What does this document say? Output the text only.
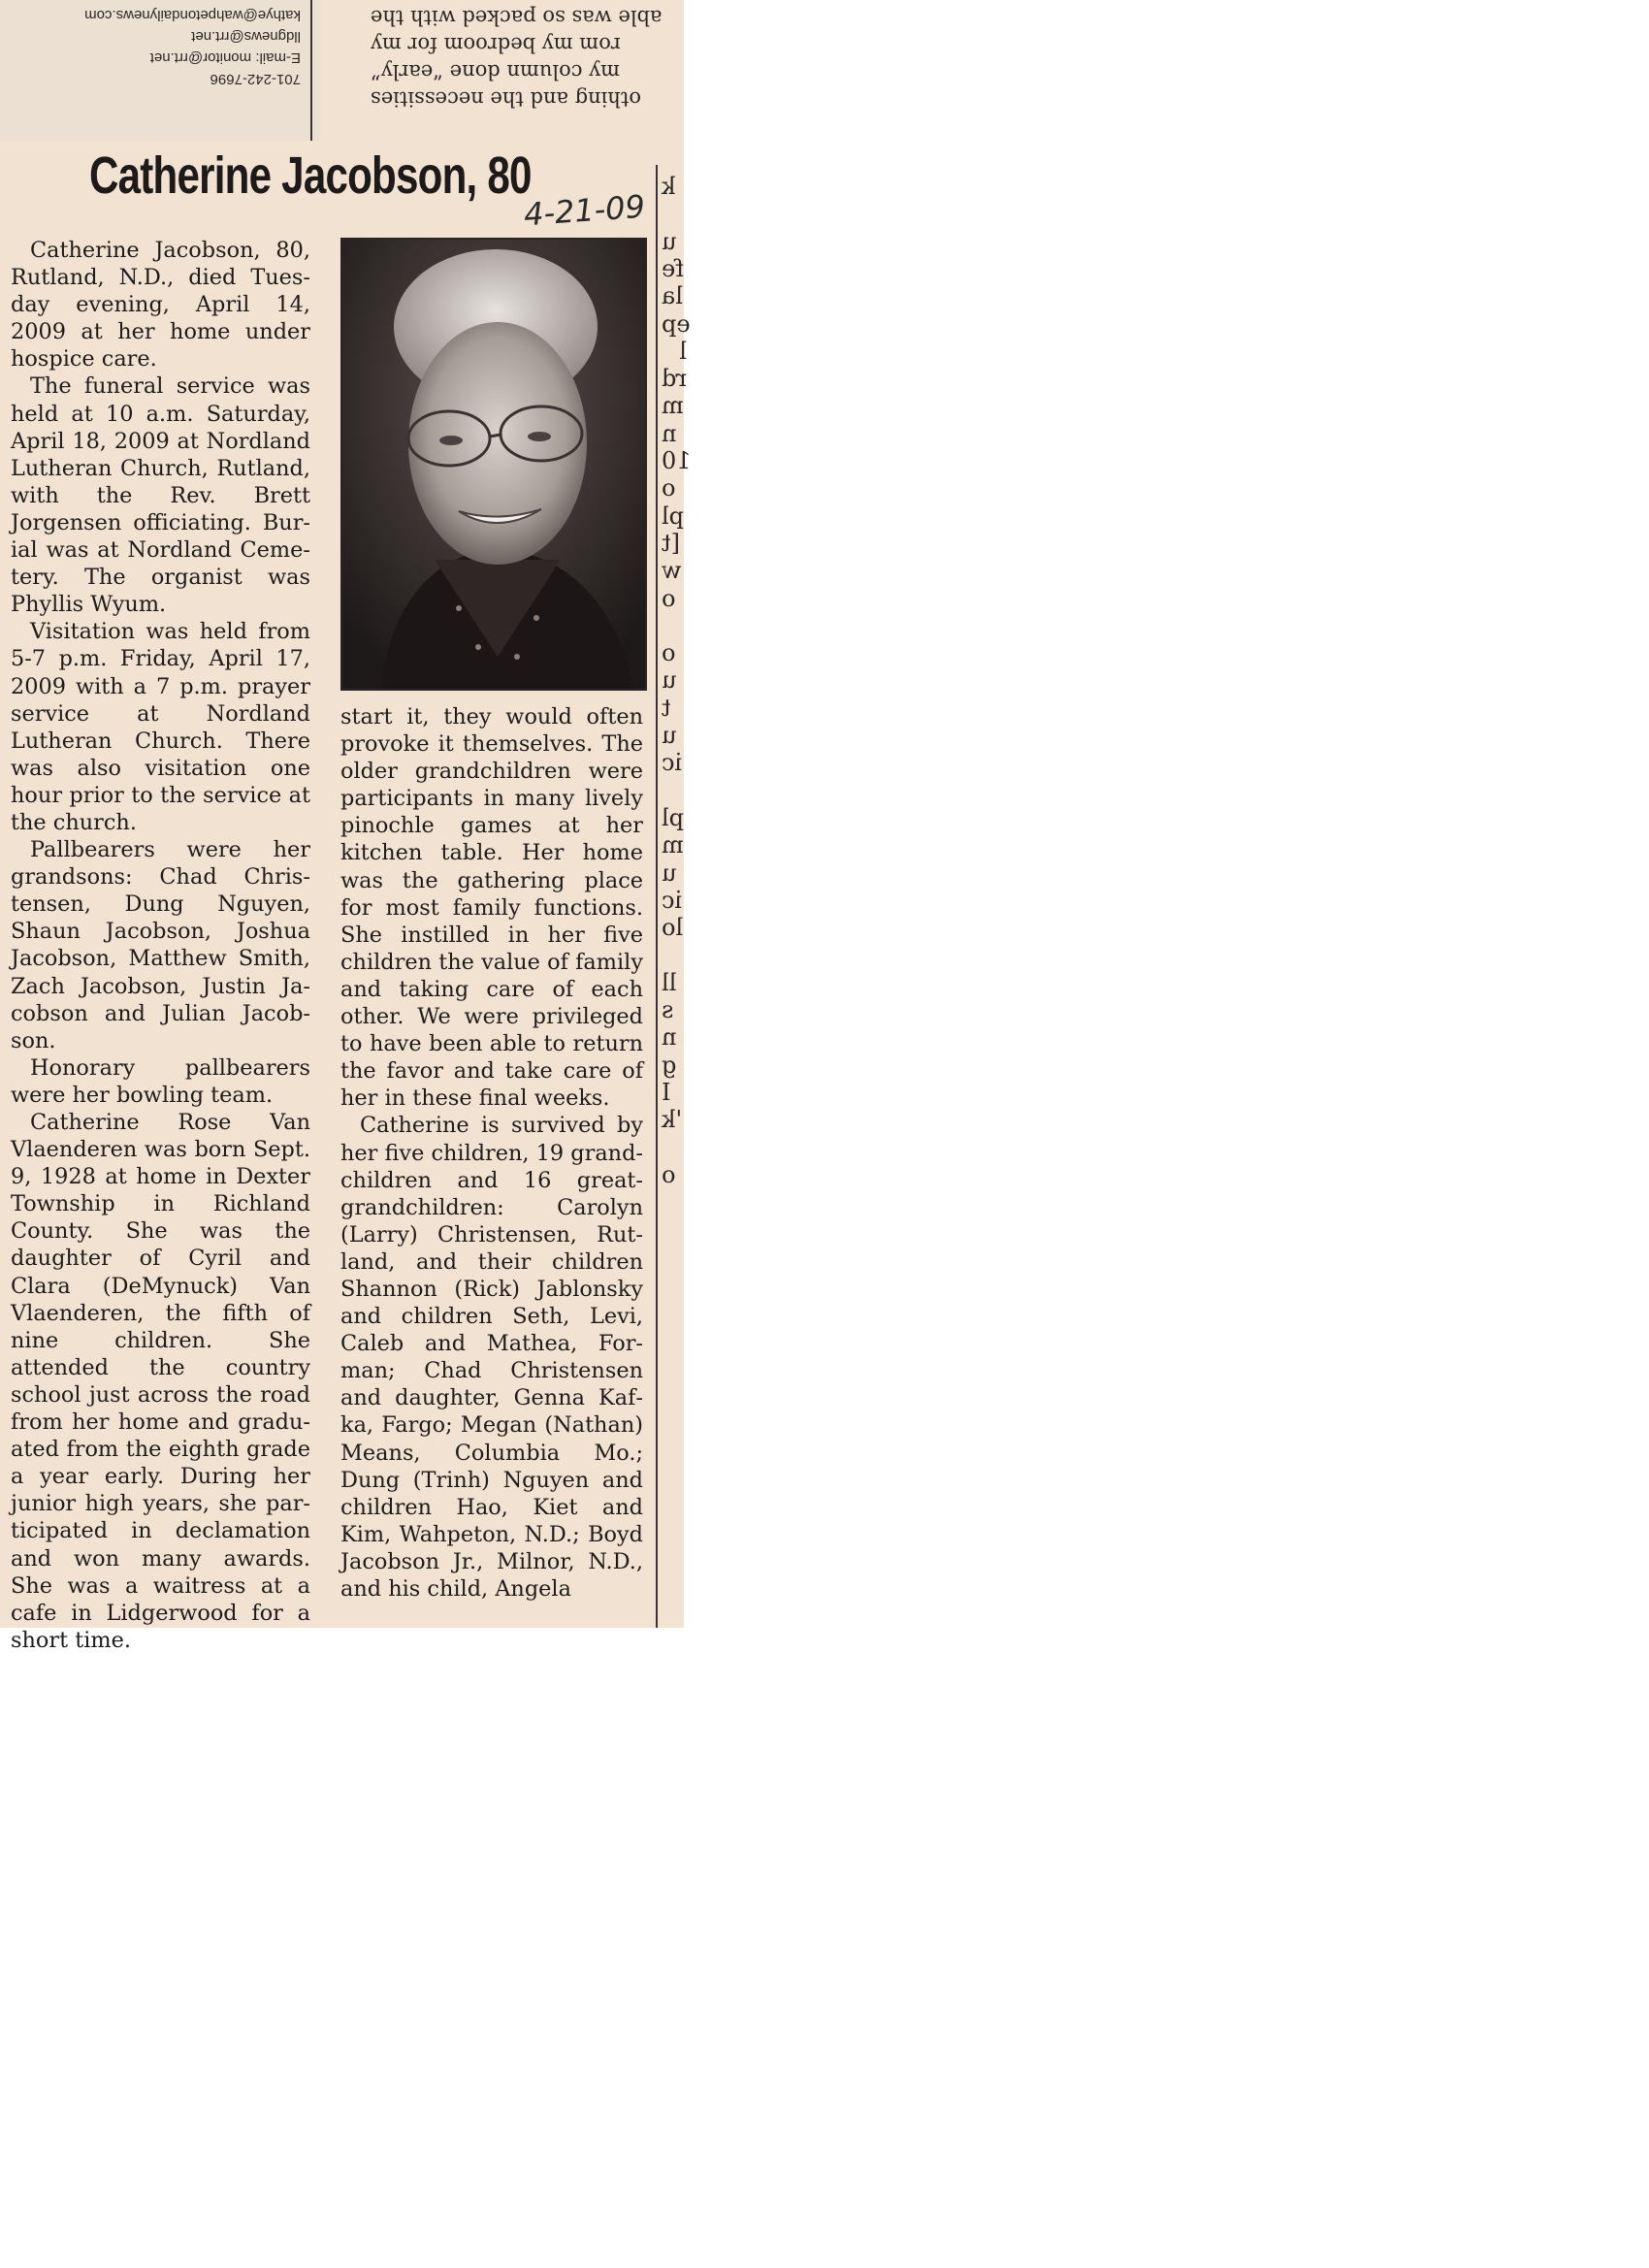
701-242-7696
E-mail: monitor@rrt.net
lldgnews@rrt.net
kathye@wahpetondailynews.com
othing and the necessities
my column done “early”
rom my bedroom for my
able was so packed with the
Catherine Jacobson, 80
4-21-09

Catherine Jacobson, 80, Rutland, N.D., died Tuesday evening, April 14, 2009 at her home under hospice care.

The funeral service was held at 10 a.m. Saturday, April 18, 2009 at Nordland Lutheran Church, Rutland, with the Rev. Brett Jorgensen officiating. Burial was at Nordland Cemetery. The organist was Phyllis Wyum.

Visitation was held from 5-7 p.m. Friday, April 17, 2009 with a 7 p.m. prayer service at Nordland Lutheran Church. There was also visitation one hour prior to the service at the church.

Pallbearers were her grandsons: Chad Christensen, Dung Nguyen, Shaun Jacobson, Joshua Jacobson, Matthew Smith, Zach Jacobson, Justin Jacobson and Julian Jacobson.

Honorary pallbearers were her bowling team.

Catherine Rose Van Vlaenderen was born Sept. 9, 1928 at home in Dexter Township in Richland County. She was the daughter of Cyril and Clara (DeMynuck) Van Vlaenderen, the fifth of nine children. She attended the country school just across the road from her home and graduated from the eighth grade a year early. During her junior high years, she participated in declamation and won many awards. She was a waitress at a cafe in Lidgerwood for a short time.

start it, they would often provoke it themselves. The older grandchildren were participants in many lively pinochle games at her kitchen table. Her home was the gathering place for most family functions. She instilled in her five children the value of family and taking care of each other. We were privileged to have been able to return the favor and take care of her in these final weeks.

Catherine is survived by her five children, 19 grandchildren and 16 great-grandchildren: Carolyn (Larry) Christensen, Rutland, and their children Shannon (Rick) Jablonsky and children Seth, Levi, Caleb and Mathea, Forman; Chad Christensen and daughter, Genna Kafka, Fargo; Megan (Nathan) Means, Columbia Mo.; Dung (Trinh) Nguyen and children Hao, Kiet and Kim, Wahpeton, N.D.; Boyd Jacobson Jr., Milnor, N.D., and his child, Angela

k
u
fe
la
ep
l r
d
m
n
10
o
pl
[t
w
o
o
u
t
u
ic
pl
m
u
ic
lo
ll
s
n
g
I
'k
o
